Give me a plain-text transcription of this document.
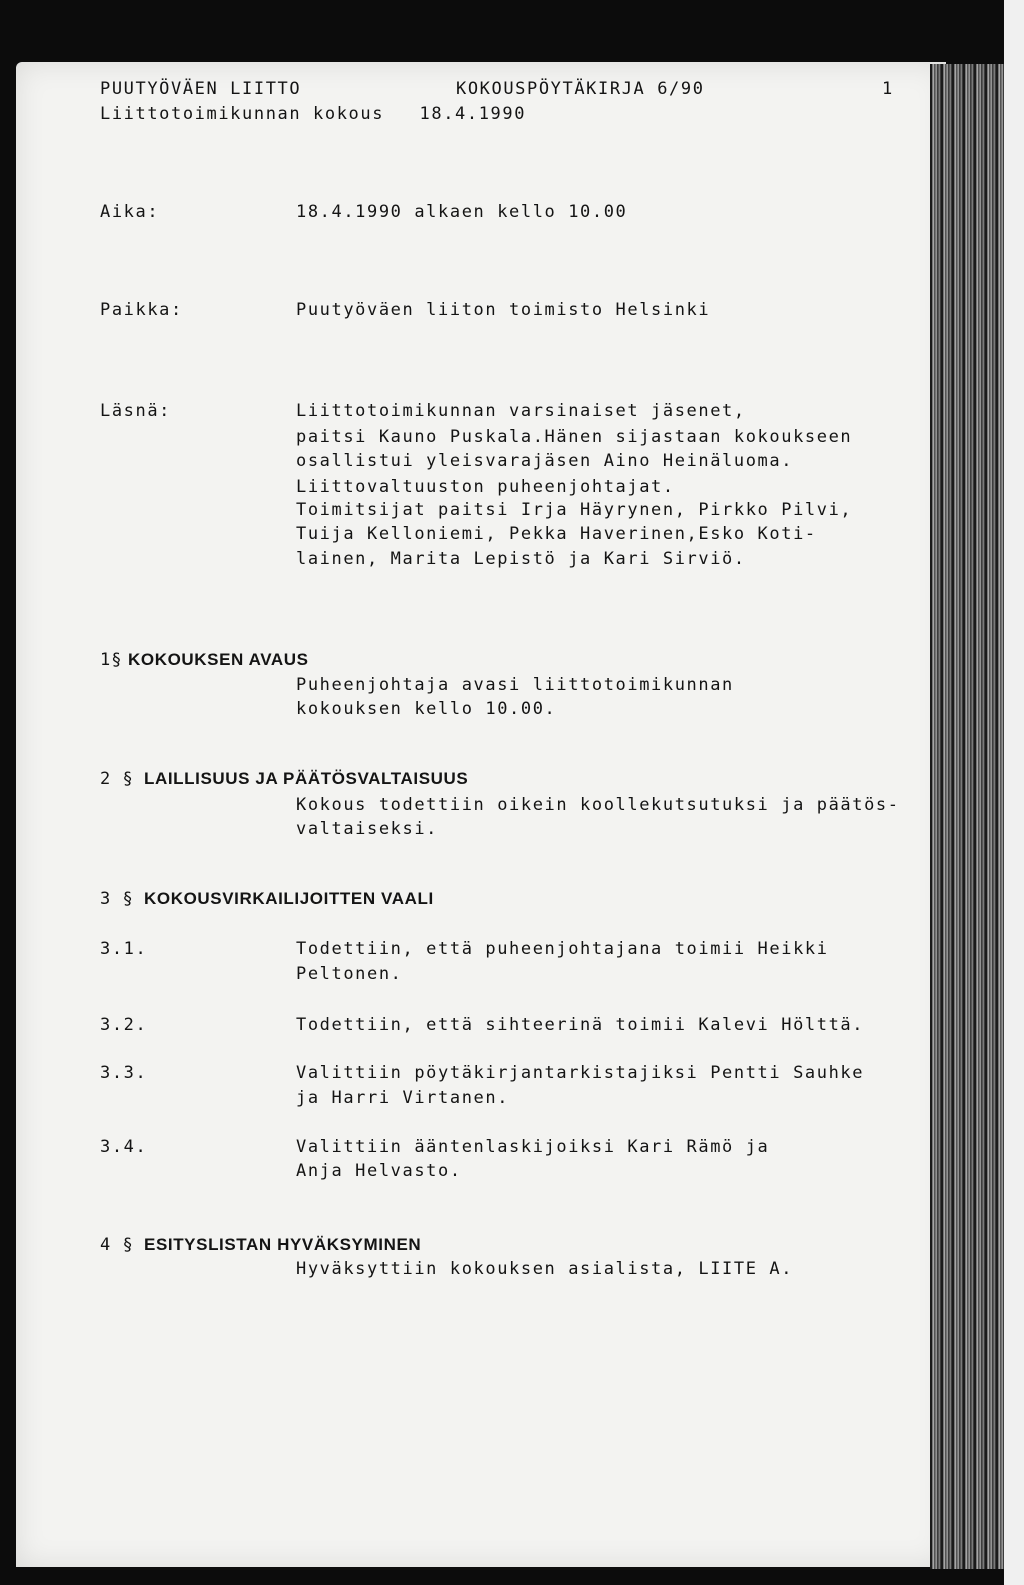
PUUTYÖVÄEN LIITTO	KOKOUSPÖYTÄKIRJA 6/90	1
Liittotoimikunnan kokous   18.4.1990
Aika:	18.4.1990 alkaen kello 10.00
Paikka:	Puutyöväen liiton toimisto Helsinki
Läsnä:	Liittotoimikunnan varsinaiset jäsenet,
paitsi Kauno Puskala.Hänen sijastaan kokoukseen
osallistui yleisvarajäsen Aino Heinäluoma.
Liittovaltuuston puheenjohtajat.
Toimitsijat paitsi Irja Häyrynen, Pirkko Pilvi,
Tuija Kelloniemi, Pekka Haverinen,Esko Koti-
lainen, Marita Lepistö ja Kari Sirviö.
1§ KOKOUKSEN AVAUS
Puheenjohtaja avasi liittotoimikunnan
kokouksen kello 10.00.
2 § LAILLISUUS JA PÄÄTÖSVALTAISUUS
Kokous todettiin oikein koollekutsutuksi ja päätös-
valtaiseksi.
3 § KOKOUSVIRKAILIJOITTEN VAALI
3.1.	Todettiin, että puheenjohtajana toimii Heikki
Peltonen.
3.2.	Todettiin, että sihteerinä toimii Kalevi Hölttä.
3.3.	Valittiin pöytäkirjantarkistajiksi Pentti Sauhke
ja Harri Virtanen.
3.4.	Valittiin ääntenlaskijoiksi Kari Rämö ja
Anja Helvasto.
4 § ESITYSLISTAN HYVÄKSYMINEN
Hyväksyttiin kokouksen asialista, LIITE A.
